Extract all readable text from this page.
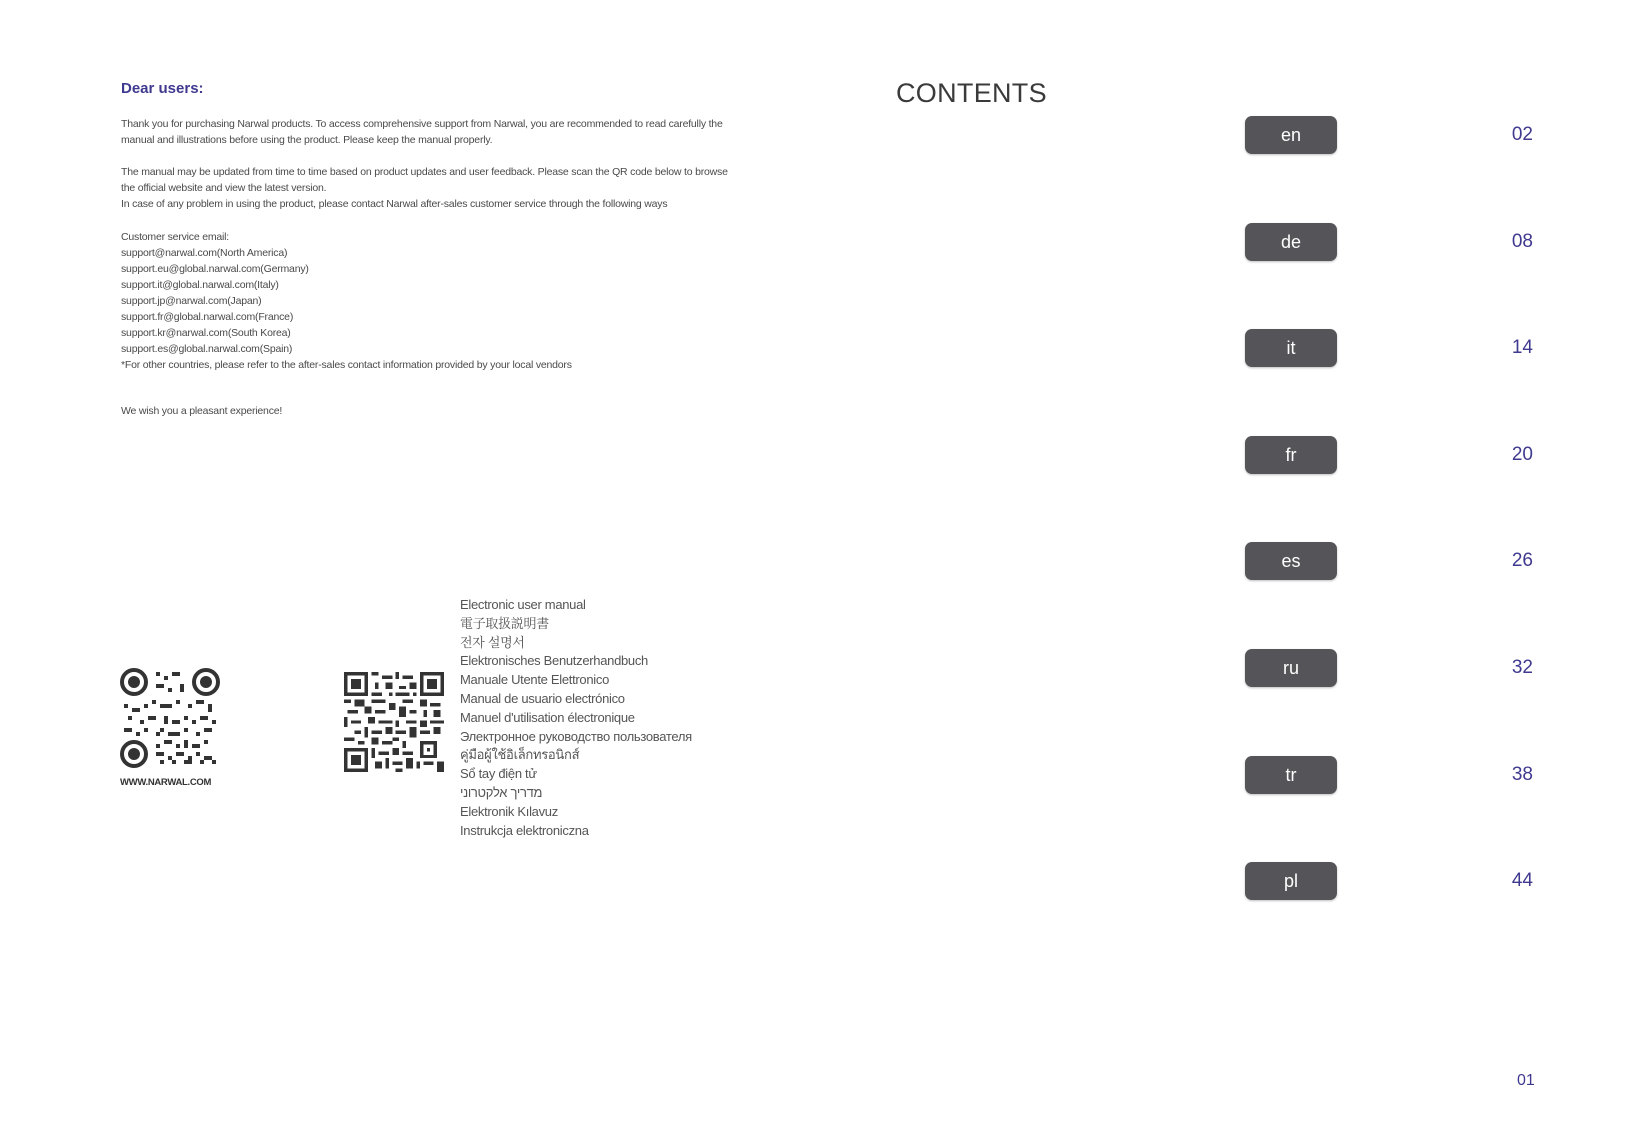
Dear users:

Thank you for purchasing Narwal products. To access comprehensive support from Narwal, you are recommended to read carefully the
manual and illustrations before using the product. Please keep the manual properly.

The manual may be updated from time to time based on product updates and user feedback. Please scan the QR code below to browse
the official website and view the latest version.
In case of any problem in using the product, please contact Narwal after-sales customer service through the following ways

Customer service email:
support@narwal.com(North America)
support.eu@global.narwal.com(Germany)
support.it@global.narwal.com(Italy)
support.jp@narwal.com(Japan)
support.fr@global.narwal.com(France)
support.kr@narwal.com(South Korea)
support.es@global.narwal.com(Spain)
*For other countries, please refer to the after-sales contact information provided by your local vendors
We wish you a pleasant experience!
WWW.NARWAL.COM
Electronic user manual
電子取扱説明書
전자 설명서
Elektronisches Benutzerhandbuch
Manuale Utente Elettronico
Manual de usuario electrónico
Manuel d'utilisation électronique
Электронное руководство пользователя
คู่มือผู้ใช้อิเล็กทรอนิกส์
Sổ tay điện tử
מדריך אלקטרוני
Elektronik Kılavuz
Instrukcja elektroniczna
CONTENTS
en	02
de	08
it	14
fr	20
es	26
ru	32
tr	38
pl	44
01
